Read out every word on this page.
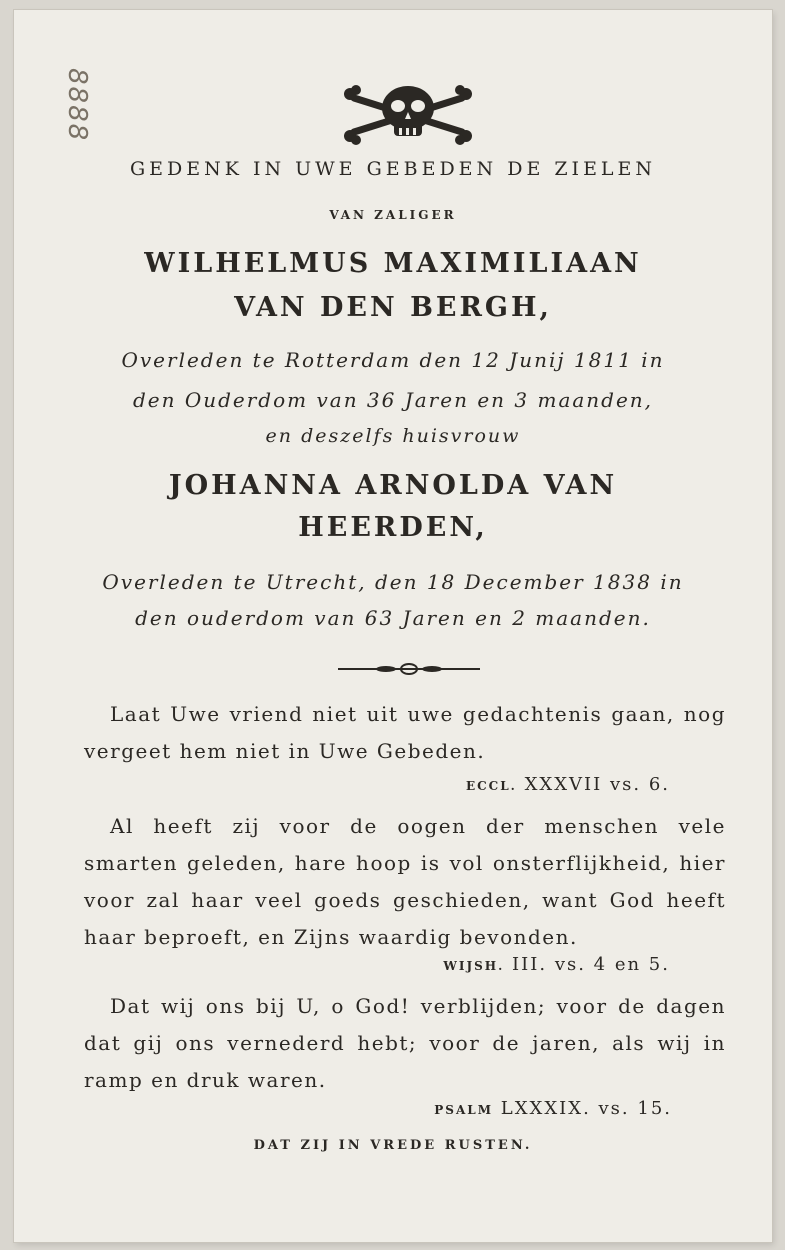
8888
GEDENK IN UWE GEBEDEN DE ZIELEN
VAN ZALIGER
WILHELMUS MAXIMILIAAN
VAN DEN BERGH,
Overleden te Rotterdam den 12 Junij 1811 in
den Ouderdom van 36 Jaren en 3 maanden,
en deszelfs huisvrouw
JOHANNA ARNOLDA VAN
HEERDEN,
Overleden te Utrecht, den 18 December 1838 in
den ouderdom van 63 Jaren en 2 maanden.
Laat Uwe vriend niet uit uwe gedachtenis gaan, nog vergeet hem niet in Uwe Gebeden.
ECCL. XXXVII vs. 6.
Al heeft zij voor de oogen der menschen vele smarten geleden, hare hoop is vol onsterflijkheid, hier voor zal haar veel goeds geschieden, want God heeft haar beproeft, en Zijns waardig bevonden.
WIJSH. III. vs. 4 en 5.
Dat wij ons bij U, o God! verblijden; voor de dagen dat gij ons vernederd hebt; voor de jaren, als wij in ramp en druk waren.
PSALM LXXXIX. vs. 15.
DAT ZIJ IN VREDE RUSTEN.
